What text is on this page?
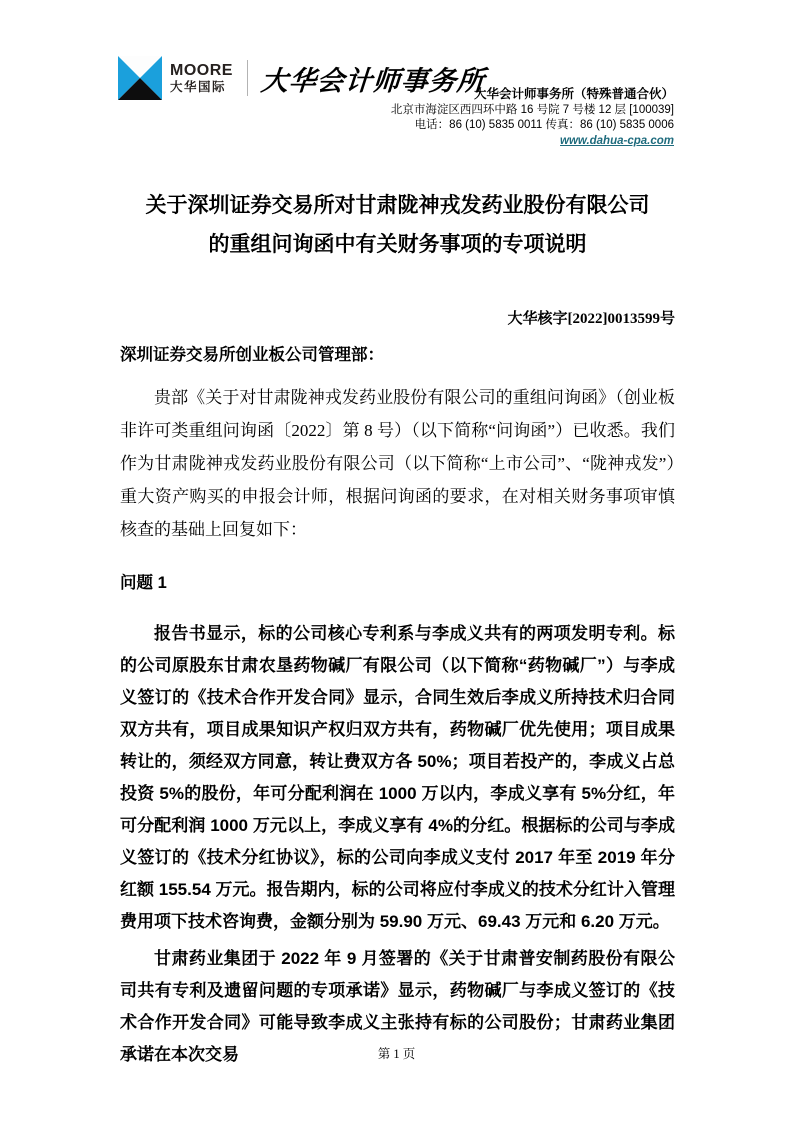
MOORE
大华国际 大华会计师事务所
大华会计师事务所（特殊普通合伙）
北京市海淀区西四环中路 16 号院 7 号楼 12 层 [100039]
电话：86 (10) 5835 0011 传真：86 (10) 5835 0006
www.dahua-cpa.com
关于深圳证券交易所对甘肃陇神戎发药业股份有限公司
的重组问询函中有关财务事项的专项说明
大华核字[2022]0013599号
深圳证券交易所创业板公司管理部：

贵部《关于对甘肃陇神戎发药业股份有限公司的重组问询函》（创业板非许可类重组问询函〔2022〕第 8 号）（以下简称“问询函”）已收悉。我们作为甘肃陇神戎发药业股份有限公司（以下简称“上市公司”、“陇神戎发”）重大资产购买的申报会计师，根据问询函的要求，在对相关财务事项审慎核查的基础上回复如下：

问题 1

报告书显示，标的公司核心专利系与李成义共有的两项发明专利。标的公司原股东甘肃农垦药物碱厂有限公司（以下简称“药物碱厂”）与李成义签订的《技术合作开发合同》显示，合同生效后李成义所持技术归合同双方共有，项目成果知识产权归双方共有，药物碱厂优先使用；项目成果转让的，须经双方同意，转让费双方各 50%；项目若投产的，李成义占总投资 5%的股份，年可分配利润在 1000 万以内，李成义享有 5%分红，年可分配利润 1000 万元以上，李成义享有 4%的分红。根据标的公司与李成义签订的《技术分红协议》，标的公司向李成义支付 2017 年至 2019 年分红额 155.54 万元。报告期内，标的公司将应付李成义的技术分红计入管理费用项下技术咨询费，金额分别为 59.90 万元、69.43 万元和 6.20 万元。

甘肃药业集团于 2022 年 9 月签署的《关于甘肃普安制药股份有限公司共有专利及遗留问题的专项承诺》显示，药物碱厂与李成义签订的《技术合作开发合同》可能导致李成义主张持有标的公司股份；甘肃药业集团承诺在本次交易	第 1 页
